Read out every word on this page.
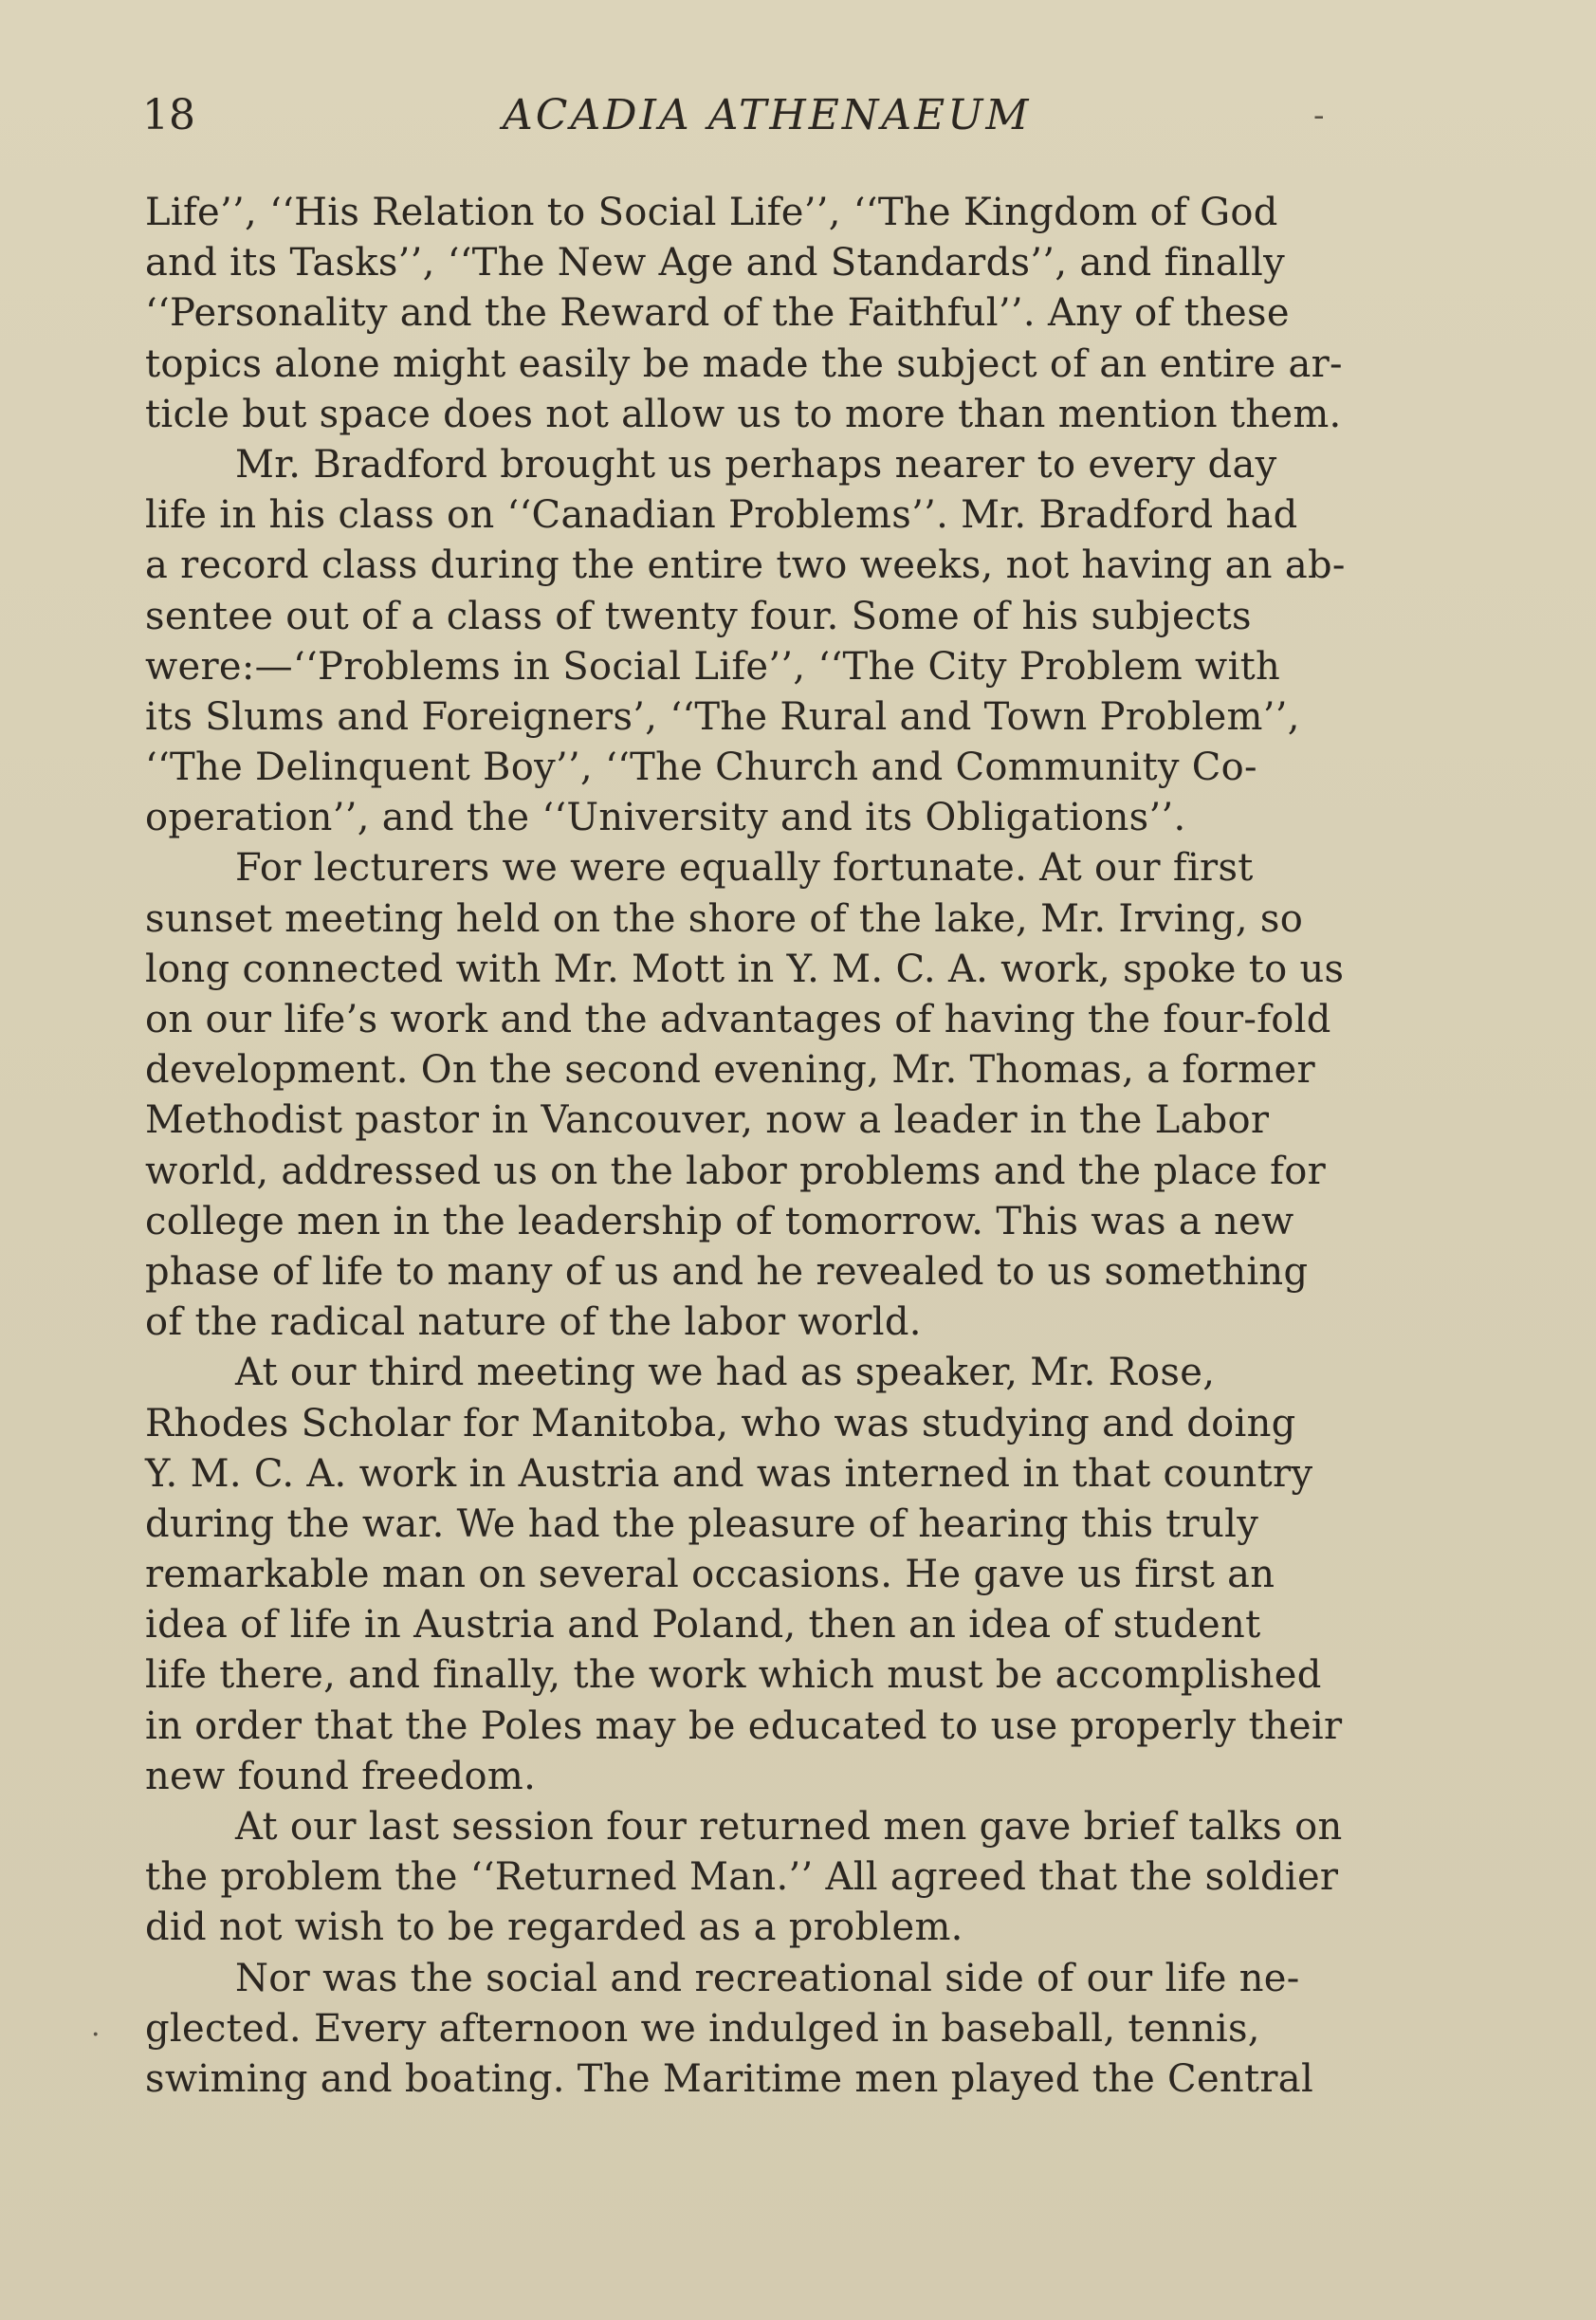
18	ACADIA ATHENAEUM	-
Life’’, ‘‘His Relation to Social Life’’, ‘‘The Kingdom of God
and its Tasks’’, ‘‘The New Age and Standards’’, and finally
‘‘Personality and the Reward of the Faithful’’. Any of these
topics alone might easily be made the subject of an entire ar-
ticle but space does not allow us to more than mention them.
Mr. Bradford brought us perhaps nearer to every day
life in his class on ‘‘Canadian Problems’’. Mr. Bradford had
a record class during the entire two weeks, not having an ab-
sentee out of a class of twenty four. Some of his subjects
were:—‘‘Problems in Social Life’’, ‘‘The City Problem with
its Slums and Foreigners’, ‘‘The Rural and Town Problem’’,
‘‘The Delinquent Boy’’, ‘‘The Church and Community Co-
operation’’, and the ‘‘University and its Obligations’’.
For lecturers we were equally fortunate. At our first
sunset meeting held on the shore of the lake, Mr. Irving, so
long connected with Mr. Mott in Y. M. C. A. work, spoke to us
on our life’s work and the advantages of having the four-fold
development. On the second evening, Mr. Thomas, a former
Methodist pastor in Vancouver, now a leader in the Labor
world, addressed us on the labor problems and the place for
college men in the leadership of tomorrow. This was a new
phase of life to many of us and he revealed to us something
of the radical nature of the labor world.
At our third meeting we had as speaker, Mr. Rose,
Rhodes Scholar for Manitoba, who was studying and doing
Y. M. C. A. work in Austria and was interned in that country
during the war. We had the pleasure of hearing this truly
remarkable man on several occasions. He gave us first an
idea of life in Austria and Poland, then an idea of student
life there, and finally, the work which must be accomplished
in order that the Poles may be educated to use properly their
new found freedom.
At our last session four returned men gave brief talks on
the problem the ‘‘Returned Man.’’ All agreed that the soldier
did not wish to be regarded as a problem.
Nor was the social and recreational side of our life ne-
glected. Every afternoon we indulged in baseball, tennis,
swiming and boating. The Maritime men played the Central
·
